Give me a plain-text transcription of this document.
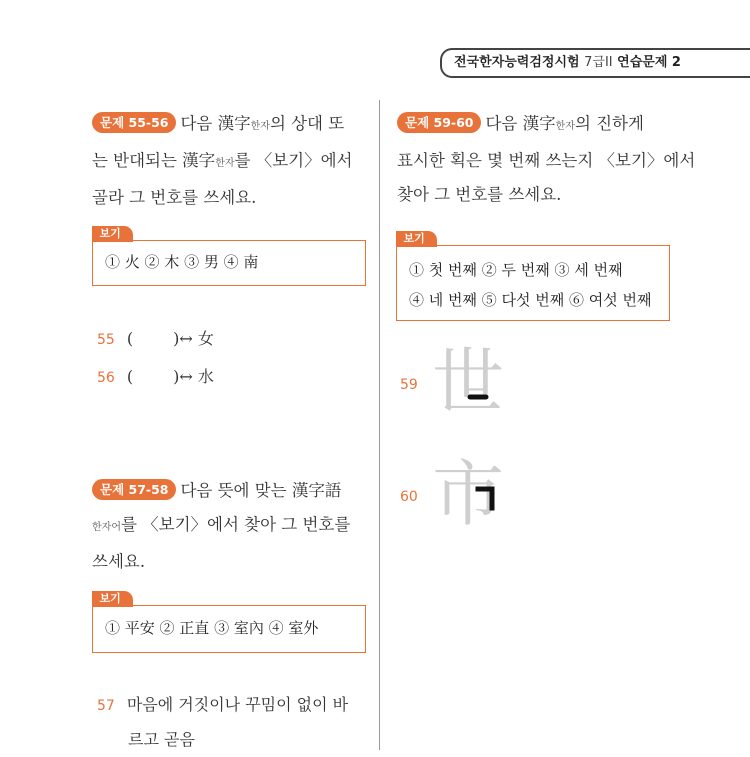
전국한자능력검정시험 7급II 연습문제 2
문제 55-56 다음 漢字한자의 상대 또
는 반대되는 漢字한자를 〈보기〉에서
골라 그 번호를 쓰세요.
보기
① 火 ② 木 ③ 男 ④ 南
55 (	)↔ 女
56 (	)↔ 水
문제 57-58 다음 뜻에 맞는 漢字語
한자어를 〈보기〉에서 찾아 그 번호를
쓰세요.
보기
① 平安 ② 正直 ③ 室內 ④ 室外
57 마음에 거짓이나 꾸밈이 없이 바
르고 곧음
문제 59-60 다음 漢字한자의 진하게
표시한 획은 몇 번째 쓰는지 〈보기〉에서
찾아 그 번호를 쓰세요.
보기
① 첫 번째 ② 두 번째 ③ 세 번째
④ 네 번째 ⑤ 다섯 번째 ⑥ 여섯 번째
59 世
60 市
